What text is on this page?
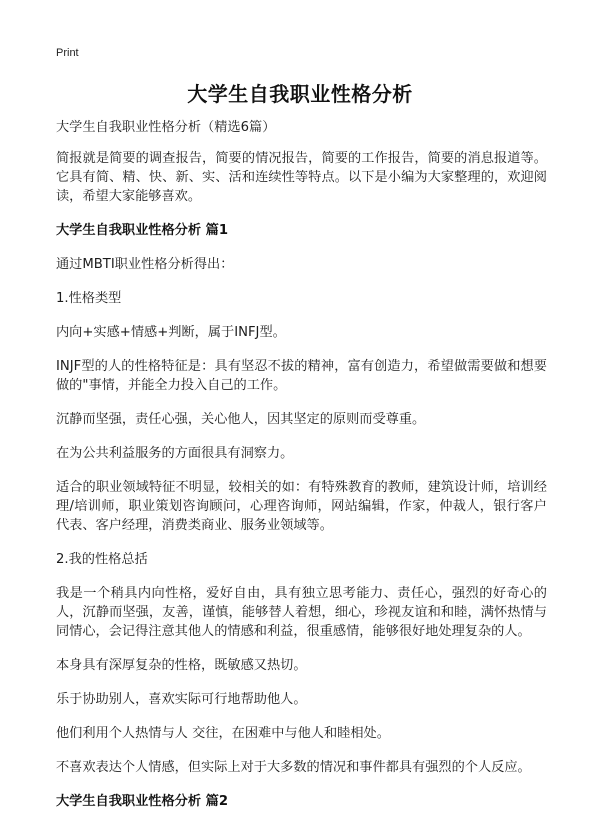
Print
大学生自我职业性格分析

大学生自我职业性格分析（精选6篇）

简报就是简要的调查报告，简要的情况报告，简要的工作报告，简要的消息报道等。它具有简、精、快、新、实、活和连续性等特点。以下是小编为大家整理的，欢迎阅读，希望大家能够喜欢。

大学生自我职业性格分析 篇1

通过MBTI职业性格分析得出：

1.性格类型

内向+实感+情感+判断，属于INFJ型。

INJF型的人的性格特征是：具有坚忍不拔的精神，富有创造力，希望做需要做和想要做的"事情，并能全力投入自己的工作。

沉静而坚强，责任心强，关心他人，因其坚定的原则而受尊重。

在为公共利益服务的方面很具有洞察力。

适合的职业领域特征不明显，较相关的如：有特殊教育的教师，建筑设计师，培训经理/培训师，职业策划咨询顾问，心理咨询师，网站编辑，作家，仲裁人，银行客户代表、客户经理，消费类商业、服务业领域等。

2.我的性格总括

我是一个稍具内向性格，爱好自由，具有独立思考能力、责任心，强烈的好奇心的人，沉静而坚强，友善，谨慎，能够替人着想，细心，珍视友谊和和睦，满怀热情与同情心，会记得注意其他人的情感和利益，很重感情，能够很好地处理复杂的人。

本身具有深厚复杂的性格，既敏感又热切。

乐于协助别人，喜欢实际可行地帮助他人。

他们利用个人热情与人 交往，在困难中与他人和睦相处。

不喜欢表达个人情感，但实际上对于大多数的情况和事件都具有强烈的个人反应。

大学生自我职业性格分析 篇2
